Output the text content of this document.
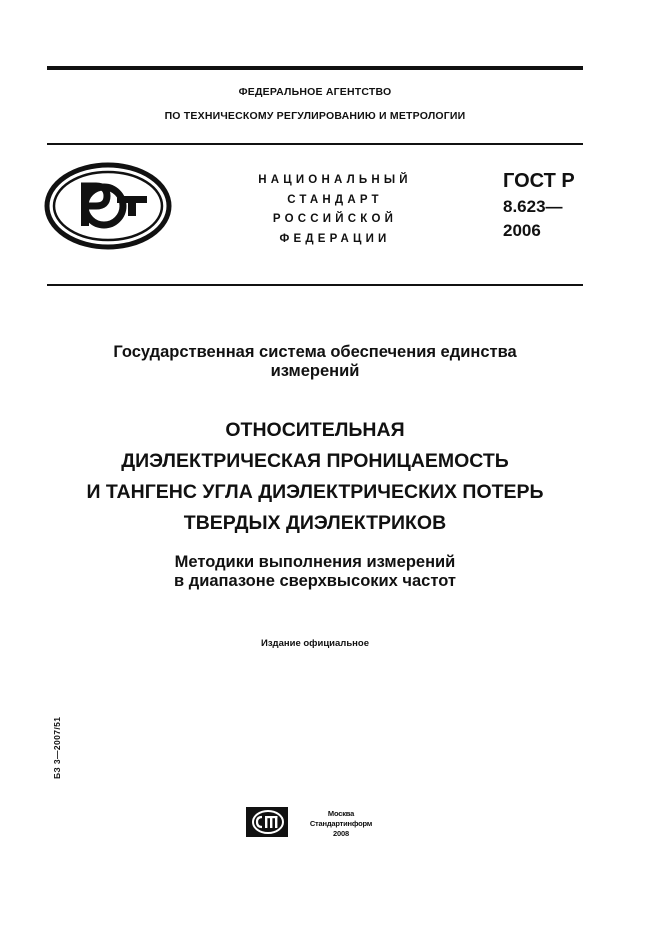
ФЕДЕРАЛЬНОЕ АГЕНТСТВО
ПО ТЕХНИЧЕСКОМУ РЕГУЛИРОВАНИЮ И МЕТРОЛОГИИ
НАЦИОНАЛЬНЫЙ
СТАНДАРТ
РОССИЙСКОЙ
ФЕДЕРАЦИИ
ГОСТ Р
8.623—
2006
Государственная система обеспечения единства
измерений
ОТНОСИТЕЛЬНАЯ
ДИЭЛЕКТРИЧЕСКАЯ ПРОНИЦАЕМОСТЬ
И ТАНГЕНС УГЛА ДИЭЛЕКТРИЧЕСКИХ ПОТЕРЬ
ТВЕРДЫХ ДИЭЛЕКТРИКОВ
Методики выполнения измерений
в диапазоне сверхвысоких частот
Издание официальное
БЗ 3—2007/51
Москва
Стандартинформ
2008
